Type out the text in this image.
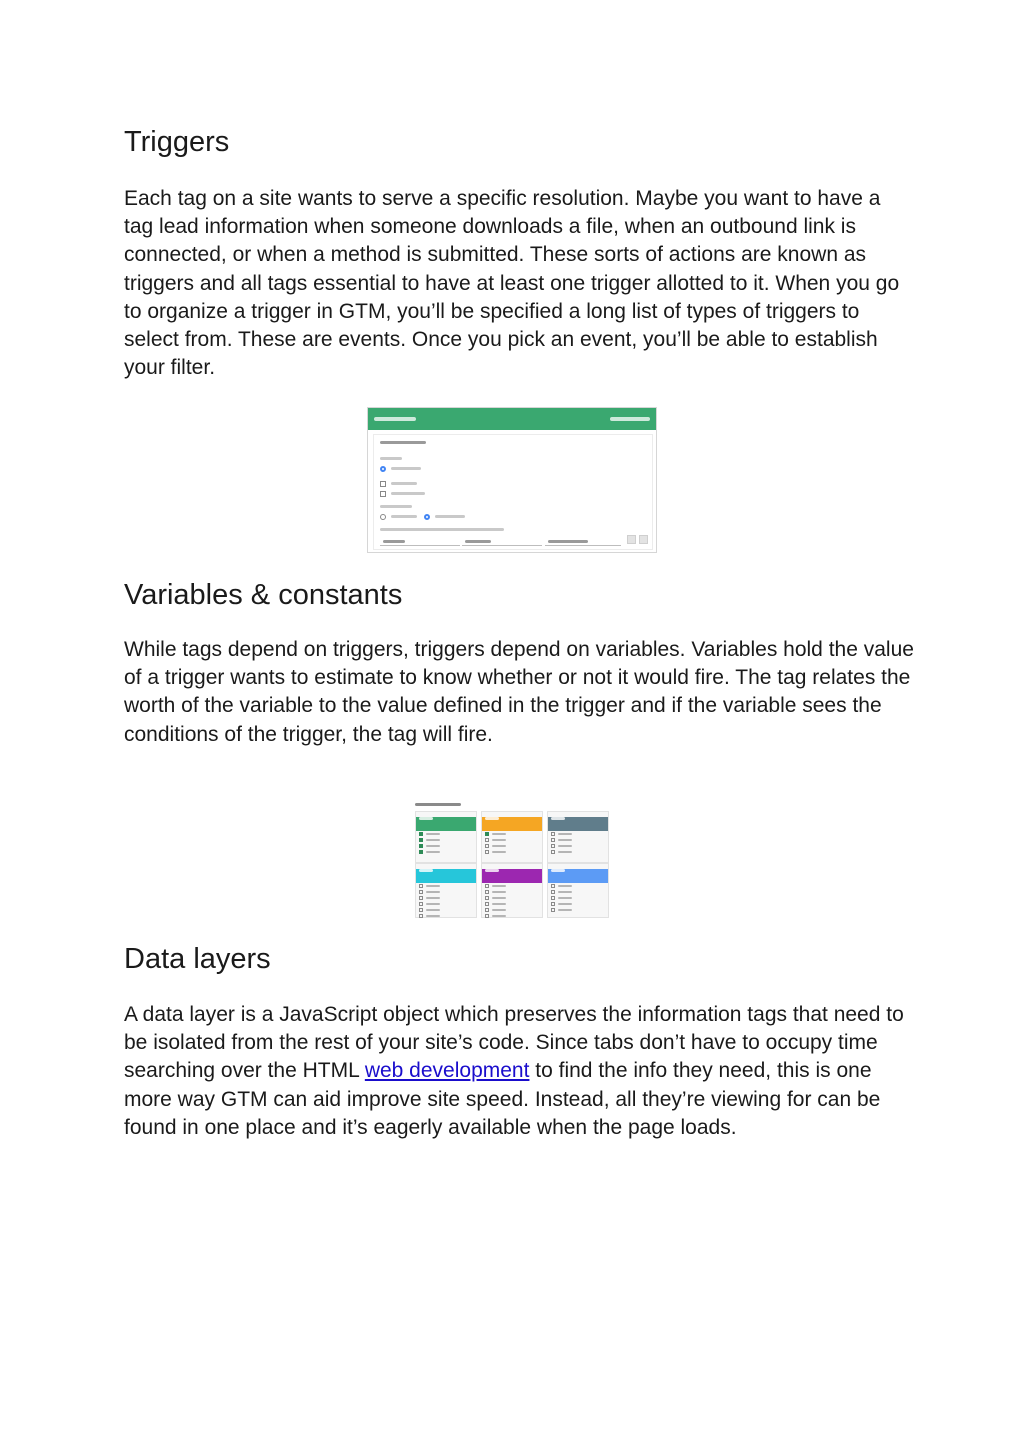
Triggers

Each tag on a site wants to serve a specific resolution. Maybe you want to have a tag lead information when someone downloads a file, when an outbound link is connected, or when a method is submitted. These sorts of actions are known as triggers and all tags essential to have at least one trigger allotted to it. When you go to organize a trigger in GTM, you’ll be specified a long list of types of triggers to select from. These are events. Once you pick an event, you’ll be able to establish your filter.

Variables & constants

While tags depend on triggers, triggers depend on variables. Variables hold the value of a trigger wants to estimate to know whether or not it would fire. The tag relates the worth of the variable to the value defined in the trigger and if the variable sees the conditions of the trigger, the tag will fire.

Data layers

A data layer is a JavaScript object which preserves the information tags that need to be isolated from the rest of your site’s code. Since tabs don’t have to occupy time searching over the HTML web development to find the info they need, this is one more way GTM can aid improve site speed. Instead, all they’re viewing for can be found in one place and it’s eagerly available when the page loads.
